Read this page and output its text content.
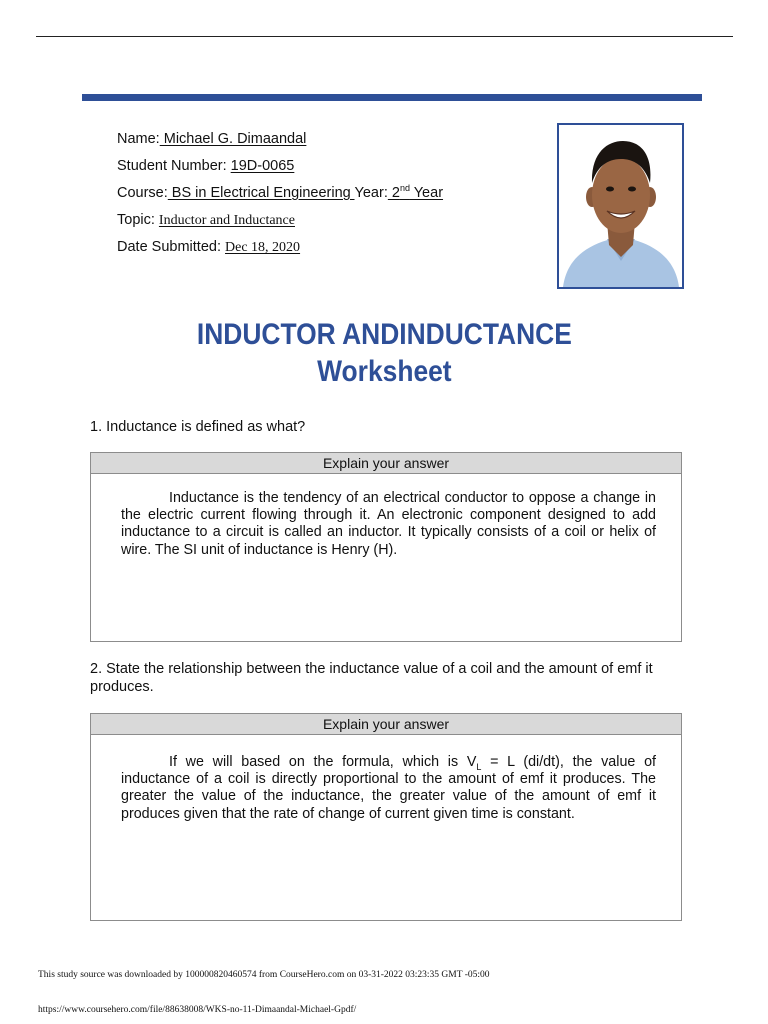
Name: Michael G. Dimaandal
Student Number: 19D-0065
Course: BS in Electrical Engineering Year: 2nd Year
Topic: Inductor and Inductance
Date Submitted: Dec 18, 2020
INDUCTOR ANDINDUCTANCE
Worksheet
1. Inductance is defined as what?
Explain your answer
Inductance is the tendency of an electrical conductor to oppose a change in the electric current flowing through it. An electronic component designed to add inductance to a circuit is called an inductor. It typically consists of a coil or helix of wire. The SI unit of inductance is Henry (H).
2. State the relationship between the inductance value of a coil and the amount of emf it produces.
Explain your answer
If we will based on the formula, which is $V_L = L$ (di/dt), the value of inductance of a coil is directly proportional to the amount of emf it produces. The greater the value of the inductance, the greater value of the amount of emf it produces given that the rate of change of current given time is constant.
This study source was downloaded by 100000820460574 from CourseHero.com on 03-31-2022 03:23:35 GMT -05:00
https://www.coursehero.com/file/88638008/WKS-no-11-Dimaandal-Michael-Gpdf/
